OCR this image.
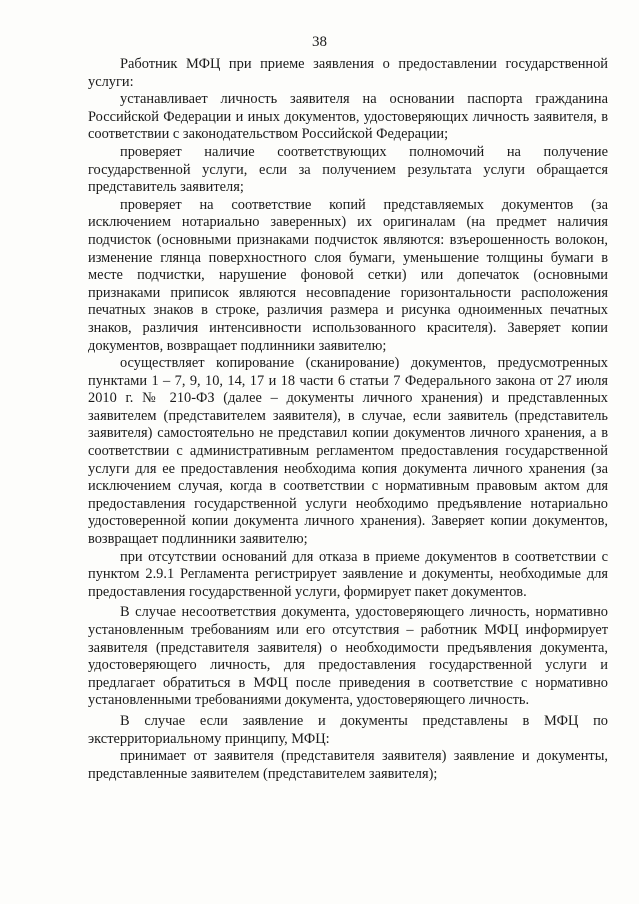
38

Работник МФЦ при приеме заявления о предоставлении государственной услуги:

устанавливает личность заявителя на основании паспорта гражданина Российской Федерации и иных документов, удостоверяющих личность заявителя, в соответствии с законодательством Российской Федерации;

проверяет наличие соответствующих полномочий на получение государственной услуги, если за получением результата услуги обращается представитель заявителя;

проверяет на соответствие копий представляемых документов (за исключением нотариально заверенных) их оригиналам (на предмет наличия подчисток (основными признаками подчисток являются: взъерошенность волокон, изменение глянца поверхностного слоя бумаги, уменьшение толщины бумаги в месте подчистки, нарушение фоновой сетки) или допечаток (основными признаками приписок являются несовпадение горизонтальности расположения печатных знаков в строке, различия размера и рисунка одноименных печатных знаков, различия интенсивности использованного красителя). Заверяет копии документов, возвращает подлинники заявителю;

осуществляет копирование (сканирование) документов, предусмотренных пунктами 1 – 7, 9, 10, 14, 17 и 18 части 6 статьи 7 Федерального закона от 27 июля 2010 г. № 210-ФЗ (далее – документы личного хранения) и представленных заявителем (представителем заявителя), в случае, если заявитель (представитель заявителя) самостоятельно не представил копии документов личного хранения, а в соответствии с административным регламентом предоставления государственной услуги для ее предоставления необходима копия документа личного хранения (за исключением случая, когда в соответствии с нормативным правовым актом для предоставления государственной услуги необходимо предъявление нотариально удостоверенной копии документа личного хранения). Заверяет копии документов, возвращает подлинники заявителю;

при отсутствии оснований для отказа в приеме документов в соответствии с пунктом 2.9.1 Регламента регистрирует заявление и документы, необходимые для предоставления государственной услуги, формирует пакет документов.

В случае несоответствия документа, удостоверяющего личность, нормативно установленным требованиям или его отсутствия – работник МФЦ информирует заявителя (представителя заявителя) о необходимости предъявления документа, удостоверяющего личность, для предоставления государственной услуги и предлагает обратиться в МФЦ после приведения в соответствие с нормативно установленными требованиями документа, удостоверяющего личность.

В случае если заявление и документы представлены в МФЦ по экстерриториальному принципу, МФЦ:

принимает от заявителя (представителя заявителя) заявление и документы, представленные заявителем (представителем заявителя);
